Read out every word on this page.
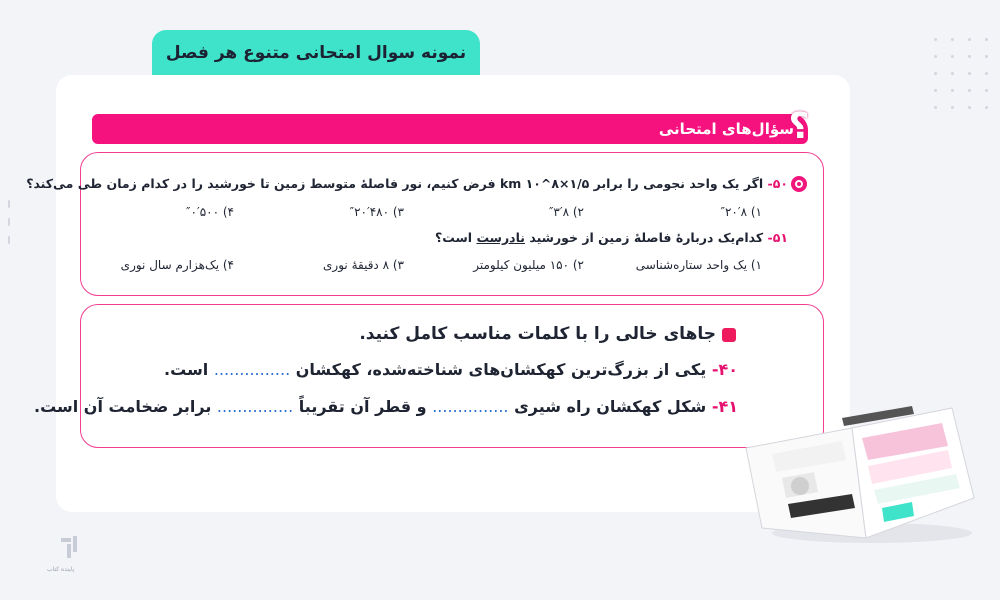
نمونه سوال امتحانی متنوع هر فصل
سؤال‌های امتحانی
؟
۵۰- اگر یک واحد نجومی را برابر km ۱۰^۸×۱/۵ فرض کنیم، نور فاصلهٔ متوسط زمین تا خورشید را در کدام زمان طی می‌کند؟
۱) ″۲۰′۸
۲) ″۳′۸
۳) ″۲۰′۴۸۰
۴) ″۰′۵۰۰
۵۱- کدام‌یک دربارهٔ فاصلهٔ زمین از خورشید نادرست است؟
۱) یک واحد ستاره‌شناسی
۲) ۱۵۰ میلیون کیلومتر
۳) ۸ دقیقهٔ نوری
۴) یک‌هزارم سال نوری
جاهای خالی را با کلمات مناسب کامل کنید.
۴۰- یکی از بزرگ‌ترین کهکشان‌های شناخته‌شده، کهکشان ............... است.
۴۱- شکل کهکشان راه شیری ............... و قطر آن تقریباً ............... برابر ضخامت آن است.
پاینده کتاب
